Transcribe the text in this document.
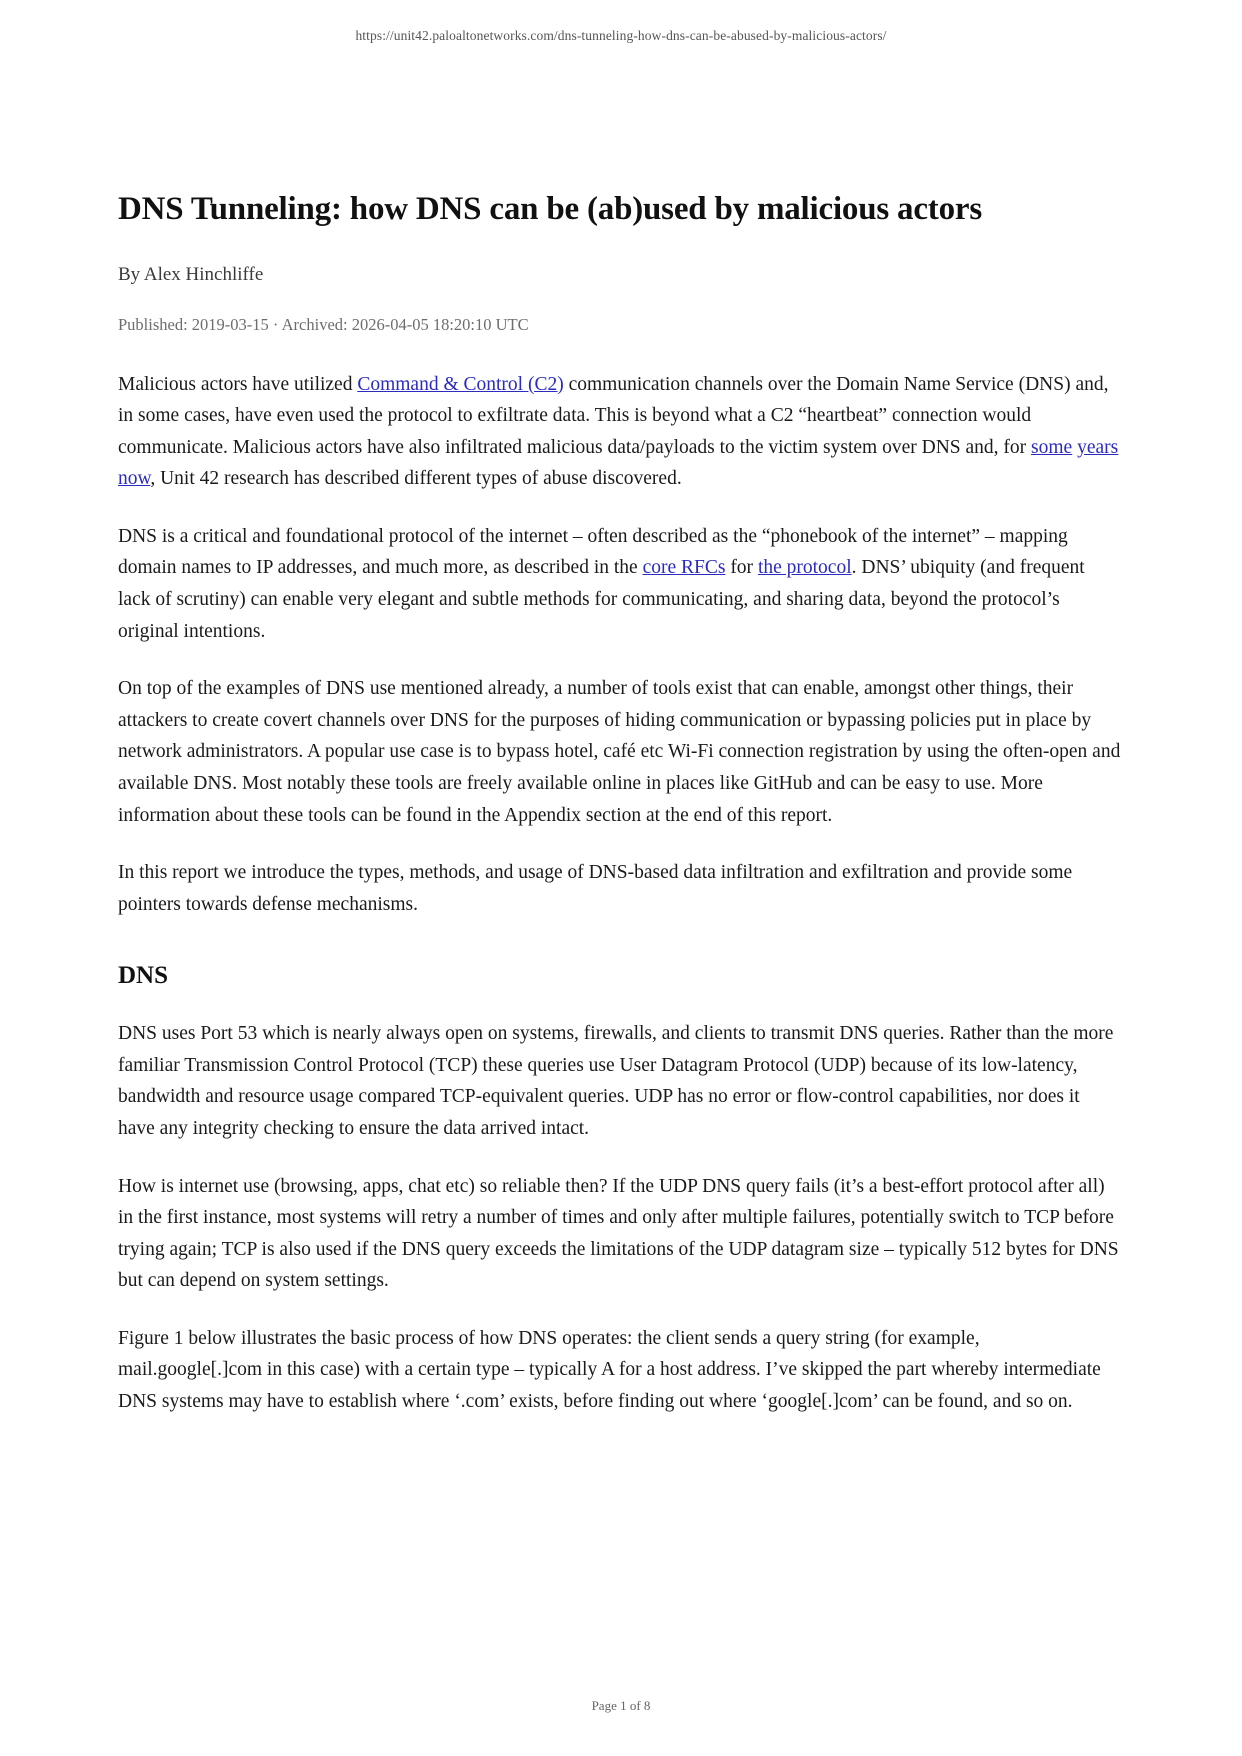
https://unit42.paloaltonetworks.com/dns-tunneling-how-dns-can-be-abused-by-malicious-actors/
DNS Tunneling: how DNS can be (ab)used by malicious actors
By Alex Hinchliffe
Published: 2019-03-15 · Archived: 2026-04-05 18:20:10 UTC

Malicious actors have utilized Command & Control (C2) communication channels over the Domain Name Service (DNS) and, in some cases, have even used the protocol to exfiltrate data. This is beyond what a C2 “heartbeat” connection would communicate. Malicious actors have also infiltrated malicious data/payloads to the victim system over DNS and, for some years now, Unit 42 research has described different types of abuse discovered.

DNS is a critical and foundational protocol of the internet – often described as the “phonebook of the internet” – mapping domain names to IP addresses, and much more, as described in the core RFCs for the protocol. DNS’ ubiquity (and frequent lack of scrutiny) can enable very elegant and subtle methods for communicating, and sharing data, beyond the protocol’s original intentions.

On top of the examples of DNS use mentioned already, a number of tools exist that can enable, amongst other things, their attackers to create covert channels over DNS for the purposes of hiding communication or bypassing policies put in place by network administrators. A popular use case is to bypass hotel, café etc Wi-Fi connection registration by using the often-open and available DNS. Most notably these tools are freely available online in places like GitHub and can be easy to use. More information about these tools can be found in the Appendix section at the end of this report.

In this report we introduce the types, methods, and usage of DNS-based data infiltration and exfiltration and provide some pointers towards defense mechanisms.

DNS

DNS uses Port 53 which is nearly always open on systems, firewalls, and clients to transmit DNS queries. Rather than the more familiar Transmission Control Protocol (TCP) these queries use User Datagram Protocol (UDP) because of its low-latency, bandwidth and resource usage compared TCP-equivalent queries. UDP has no error or flow-control capabilities, nor does it have any integrity checking to ensure the data arrived intact.

How is internet use (browsing, apps, chat etc) so reliable then? If the UDP DNS query fails (it’s a best-effort protocol after all) in the first instance, most systems will retry a number of times and only after multiple failures, potentially switch to TCP before trying again; TCP is also used if the DNS query exceeds the limitations of the UDP datagram size – typically 512 bytes for DNS but can depend on system settings.

Figure 1 below illustrates the basic process of how DNS operates: the client sends a query string (for example, mail.google[.]com in this case) with a certain type – typically A for a host address. I’ve skipped the part whereby intermediate DNS systems may have to establish where ‘.com’ exists, before finding out where ‘google[.]com’ can be found, and so on.

Page 1 of 8
